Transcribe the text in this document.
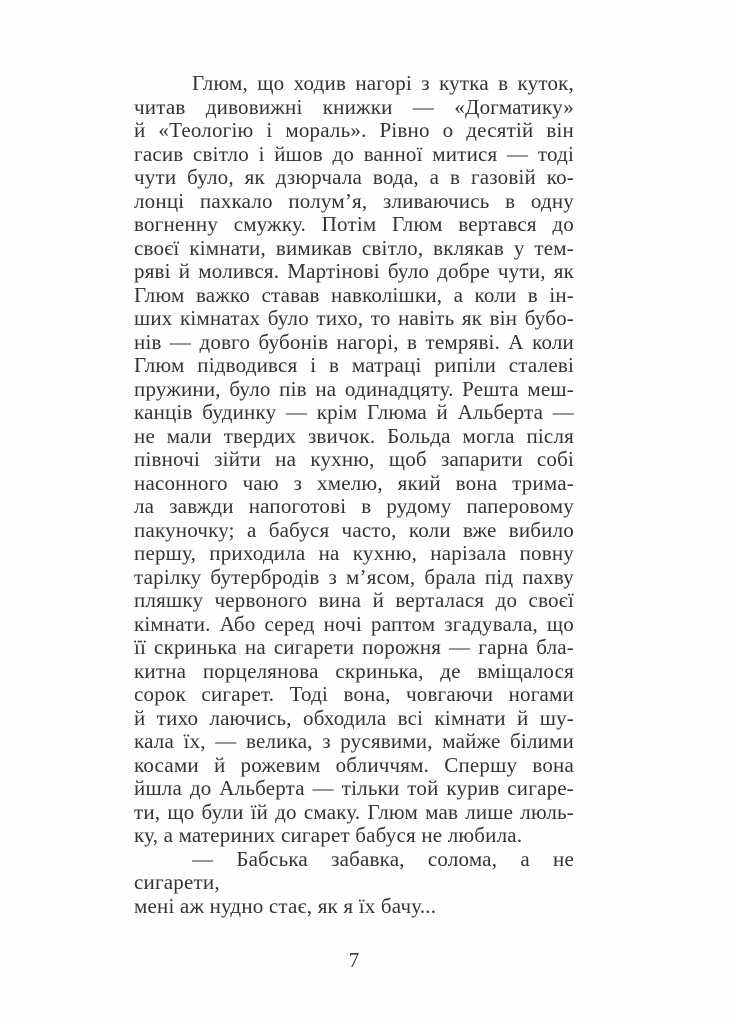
Глюм, що ходив нагорі з кутка в куток,
читав дивовижні книжки — «Догматику»
й «Теологію і мораль». Рівно о десятій він
гасив світло і йшов до ванної митися — тоді
чути було, як дзюрчала вода, а в газовій ко-
лонці пахкало полум’я, зливаючись в одну
вогненну смужку. Потім Глюм вертався до
своєї кімнати, вимикав світло, вклякав у тем-
ряві й молився. Мартінові було добре чути, як
Глюм важко ставав навколішки, а коли в ін-
ших кімнатах було тихо, то навіть як він бубо-
нів — довго бубонів нагорі, в темряві. А коли
Глюм підводився і в матраці рипіли сталеві
пружини, було пів на одинадцяту. Решта меш-
канців будинку — крім Глюма й Альберта —
не мали твердих звичок. Больда могла після
півночі зійти на кухню, щоб запарити собі
насонного чаю з хмелю, який вона трима-
ла завжди напоготові в рудому паперовому
пакуночку; а бабуся часто, коли вже вибило
першу, приходила на кухню, нарізала повну
тарілку бутербродів з м’ясом, брала під пахву
пляшку червоного вина й верталася до своєї
кімнати. Або серед ночі раптом згадувала, що
її скринька на сигарети порожня — гарна бла-
китна порцелянова скринька, де вміщалося
сорок сигарет. Тоді вона, човгаючи ногами
й тихо лаючись, обходила всі кімнати й шу-
кала їх, — велика, з русявими, майже білими
косами й рожевим обличчям. Спершу вона
йшла до Альберта — тільки той курив сигаре-
ти, що були їй до смаку. Глюм мав лише люль-
ку, а материних сигарет бабуся не любила.
— Бабська забавка, солома, а не сигарети,
мені аж нудно стає, як я їх бачу...
7
